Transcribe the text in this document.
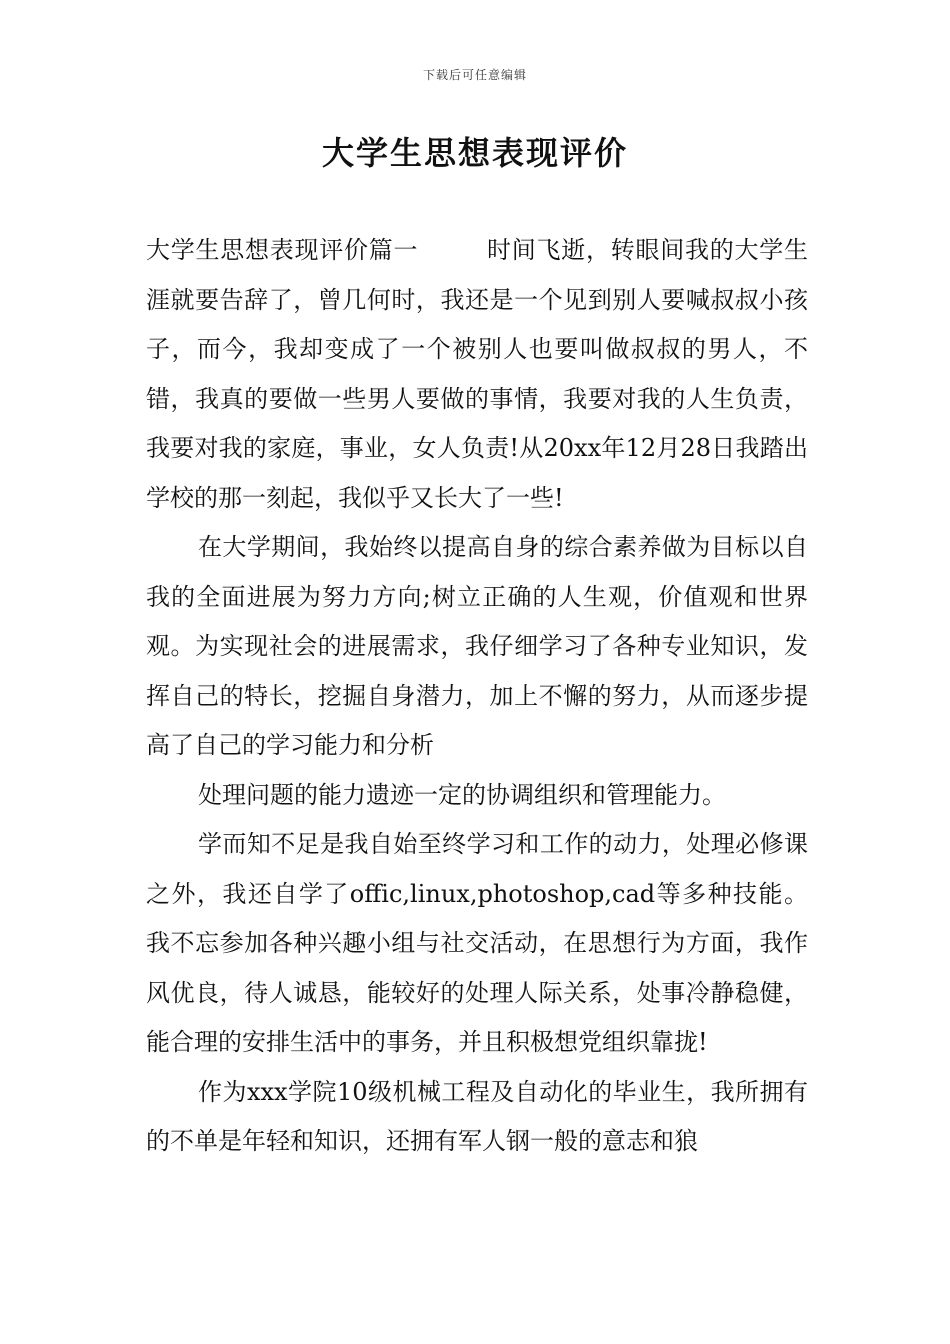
下载后可任意编辑
大学生思想表现评价

大学生思想表现评价篇一	时间飞逝，转眼间我的大学生涯就要告辞了，曾几何时，我还是一个见到别人要喊叔叔小孩子，而今，我却变成了一个被别人也要叫做叔叔的男人，不错，我真的要做一些男人要做的事情，我要对我的人生负责，我要对我的家庭，事业，女人负责!从20xx年12月28日我踏出学校的那一刻起，我似乎又长大了一些!

在大学期间，我始终以提高自身的综合素养做为目标以自我的全面进展为努力方向;树立正确的人生观，价值观和世界观。为实现社会的进展需求，我仔细学习了各种专业知识，发挥自己的特长，挖掘自身潜力，加上不懈的努力，从而逐步提高了自己的学习能力和分析

处理问题的能力遗迹一定的协调组织和管理能力。

学而知不足是我自始至终学习和工作的动力，处理必修课之外，我还自学了offic,linux,photoshop,cad等多种技能。我不忘参加各种兴趣小组与社交活动，在思想行为方面，我作风优良，待人诚恳，能较好的处理人际关系，处事冷静稳健，能合理的安排生活中的事务，并且积极想党组织靠拢!

作为xxx学院10级机械工程及自动化的毕业生，我所拥有的不单是年轻和知识，还拥有军人钢一般的意志和狼
